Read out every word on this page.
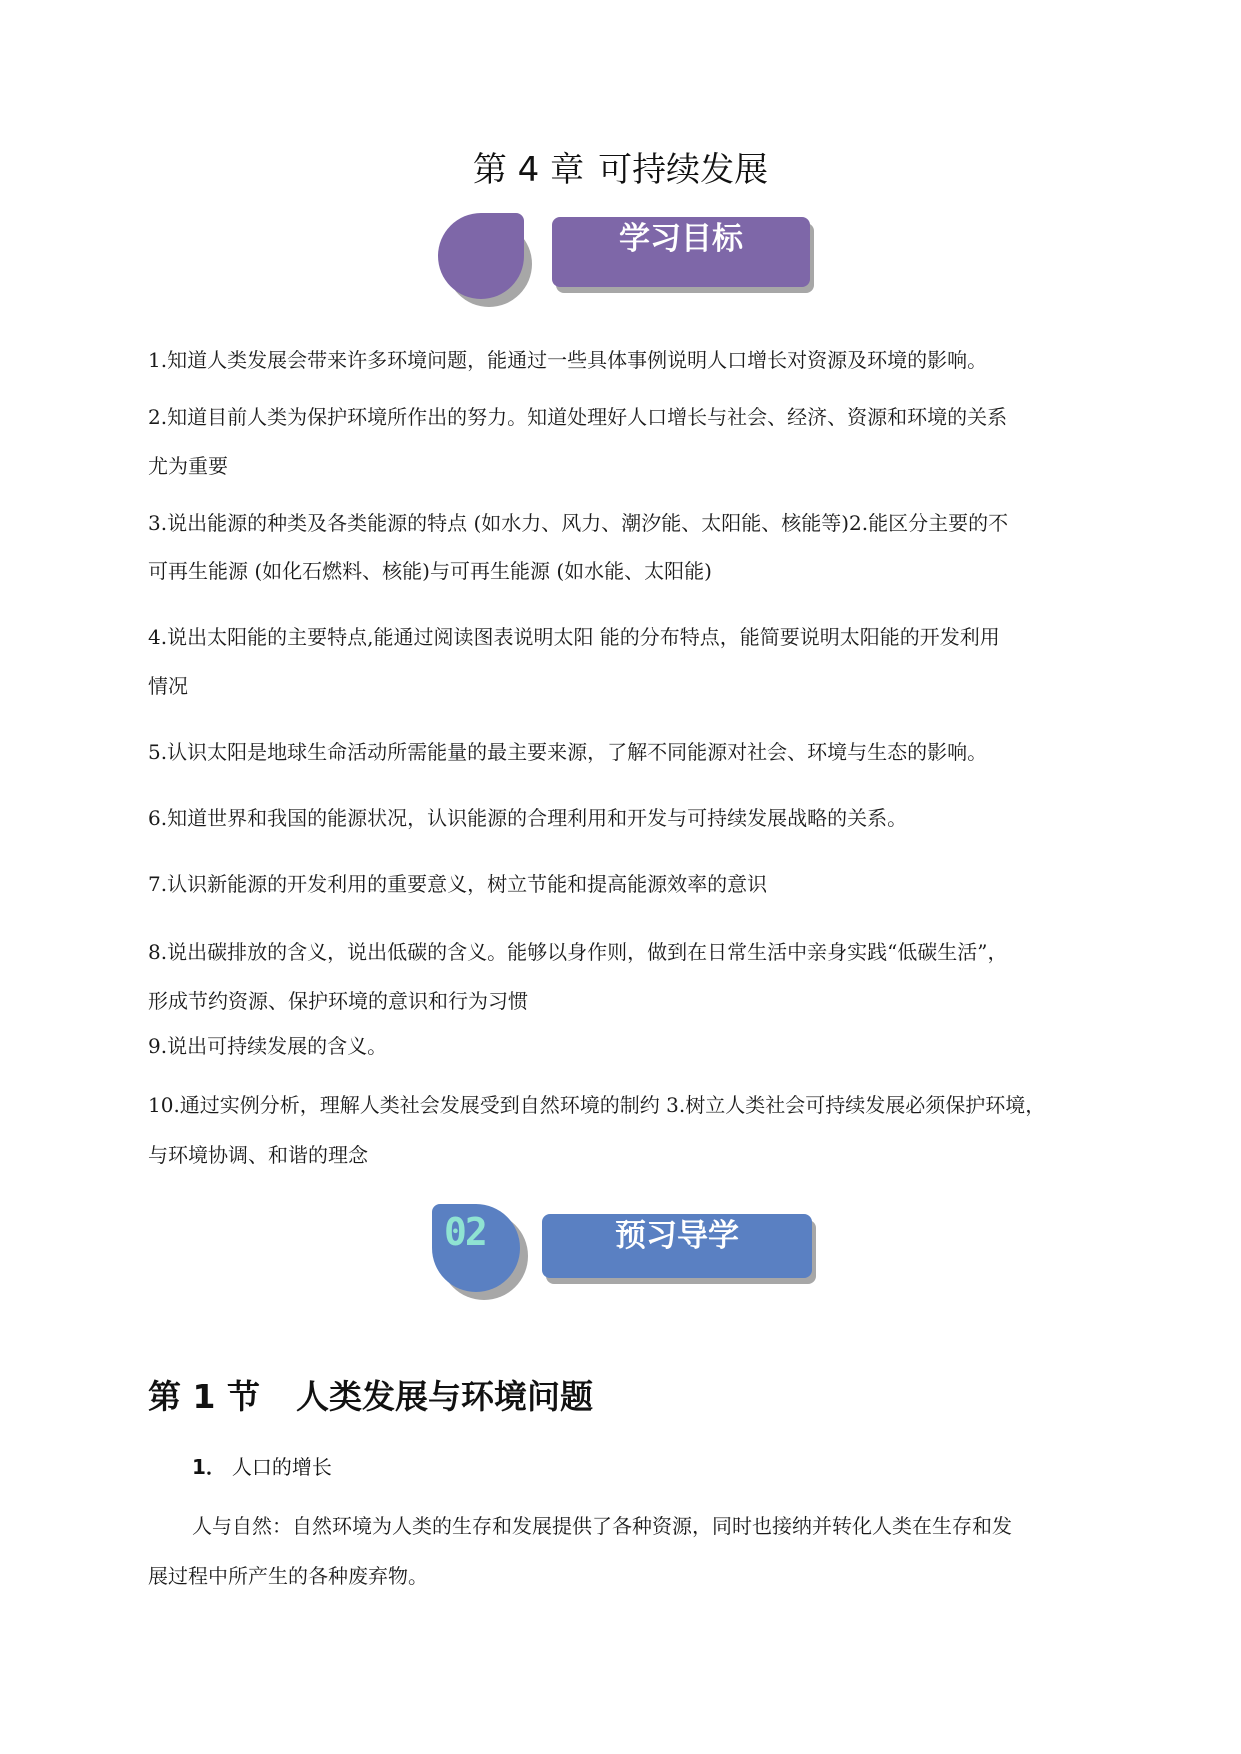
第 4 章 可持续发展
学习目标
1.知道人类发展会带来许多环境问题，能通过一些具体事例说明人口增长对资源及环境的影响。
2.知道目前人类为保护环境所作出的努力。知道处理好人口增长与社会、经济、资源和环境的关系
尤为重要
3.说出能源的种类及各类能源的特点 (如水力、风力、潮汐能、太阳能、核能等)2.能区分主要的不
可再生能源 (如化石燃料、核能)与可再生能源 (如水能、太阳能)
4.说出太阳能的主要特点,能通过阅读图表说明太阳 能的分布特点，能简要说明太阳能的开发利用
情况
5.认识太阳是地球生命活动所需能量的最主要来源，了解不同能源对社会、环境与生态的影响。
6.知道世界和我国的能源状况，认识能源的合理利用和开发与可持续发展战略的关系。
7.认识新能源的开发利用的重要意义，树立节能和提高能源效率的意识
8.说出碳排放的含义，说出低碳的含义。能够以身作则，做到在日常生活中亲身实践“低碳生活”，
形成节约资源、保护环境的意识和行为习惯
9.说出可持续发展的含义。
10.通过实例分析，理解人类社会发展受到自然环境的制约 3.树立人类社会可持续发展必须保护环境，
与环境协调、和谐的理念
02	预习导学
第 1 节 人类发展与环境问题
1． 人口的增长
人与自然：自然环境为人类的生存和发展提供了各种资源，同时也接纳并转化人类在生存和发
展过程中所产生的各种废弃物。
